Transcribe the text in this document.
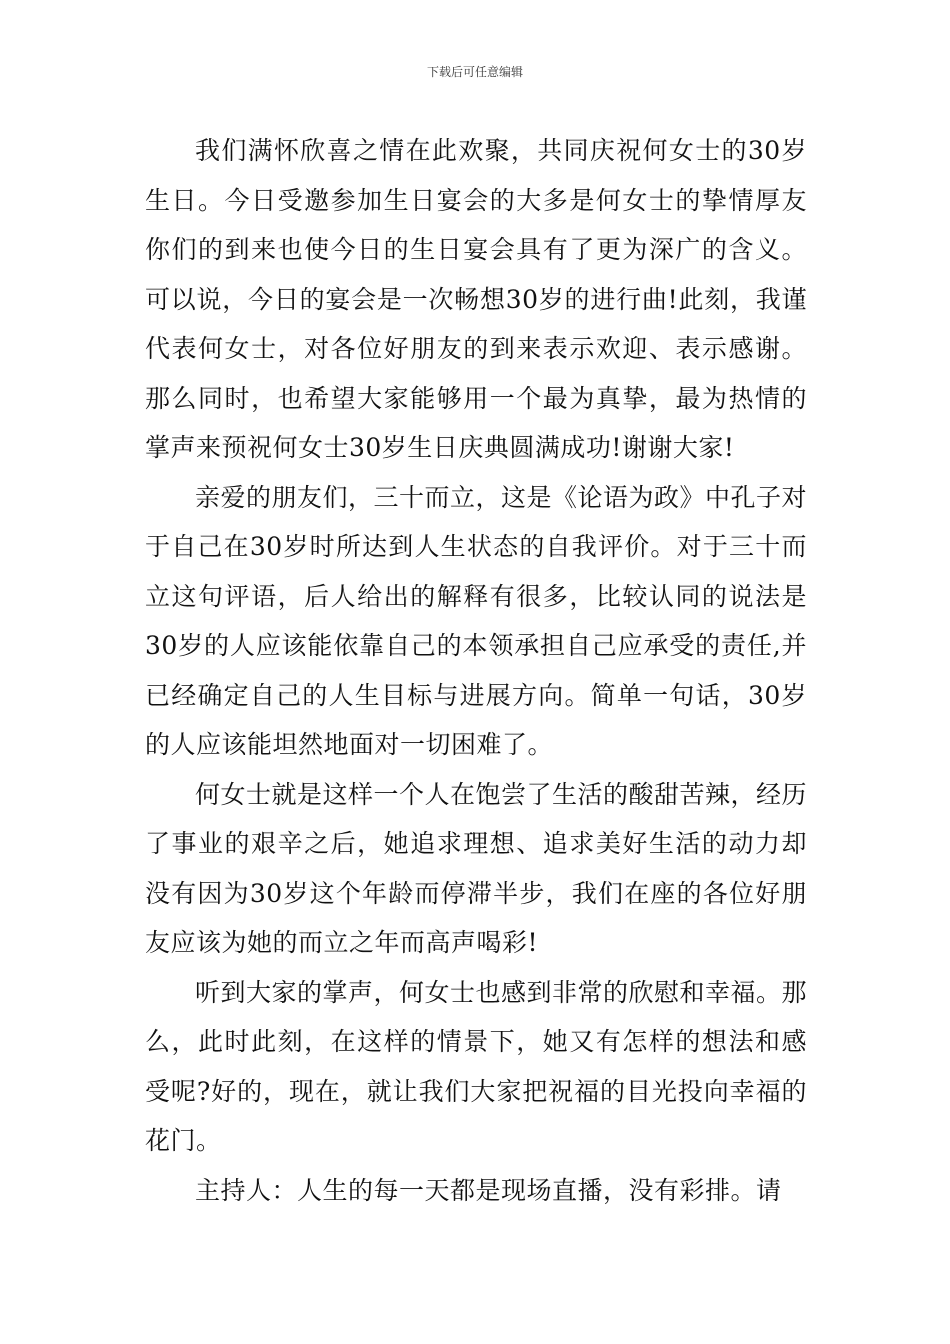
下载后可任意编辑

我们满怀欣喜之情在此欢聚，共同庆祝何女士的30岁生日。今日受邀参加生日宴会的大多是何女士的挚情厚友你们的到来也使今日的生日宴会具有了更为深广的含义。可以说，今日的宴会是一次畅想30岁的进行曲!此刻，我谨代表何女士，对各位好朋友的到来表示欢迎、表示感谢。那么同时，也希望大家能够用一个最为真挚，最为热情的掌声来预祝何女士30岁生日庆典圆满成功!谢谢大家!

亲爱的朋友们，三十而立，这是《论语为政》中孔子对于自己在30岁时所达到人生状态的自我评价。对于三十而立这句评语，后人给出的解释有很多，比较认同的说法是30岁的人应该能依靠自己的本领承担自己应承受的责任,并已经确定自己的人生目标与进展方向。简单一句话，30岁的人应该能坦然地面对一切困难了。

何女士就是这样一个人在饱尝了生活的酸甜苦辣，经历了事业的艰辛之后，她追求理想、追求美好生活的动力却没有因为30岁这个年龄而停滞半步，我们在座的各位好朋友应该为她的而立之年而高声喝彩!

听到大家的掌声，何女士也感到非常的欣慰和幸福。那么，此时此刻，在这样的情景下，她又有怎样的想法和感受呢?好的，现在，就让我们大家把祝福的目光投向幸福的花门。

主持人：人生的每一天都是现场直播，没有彩排。请
